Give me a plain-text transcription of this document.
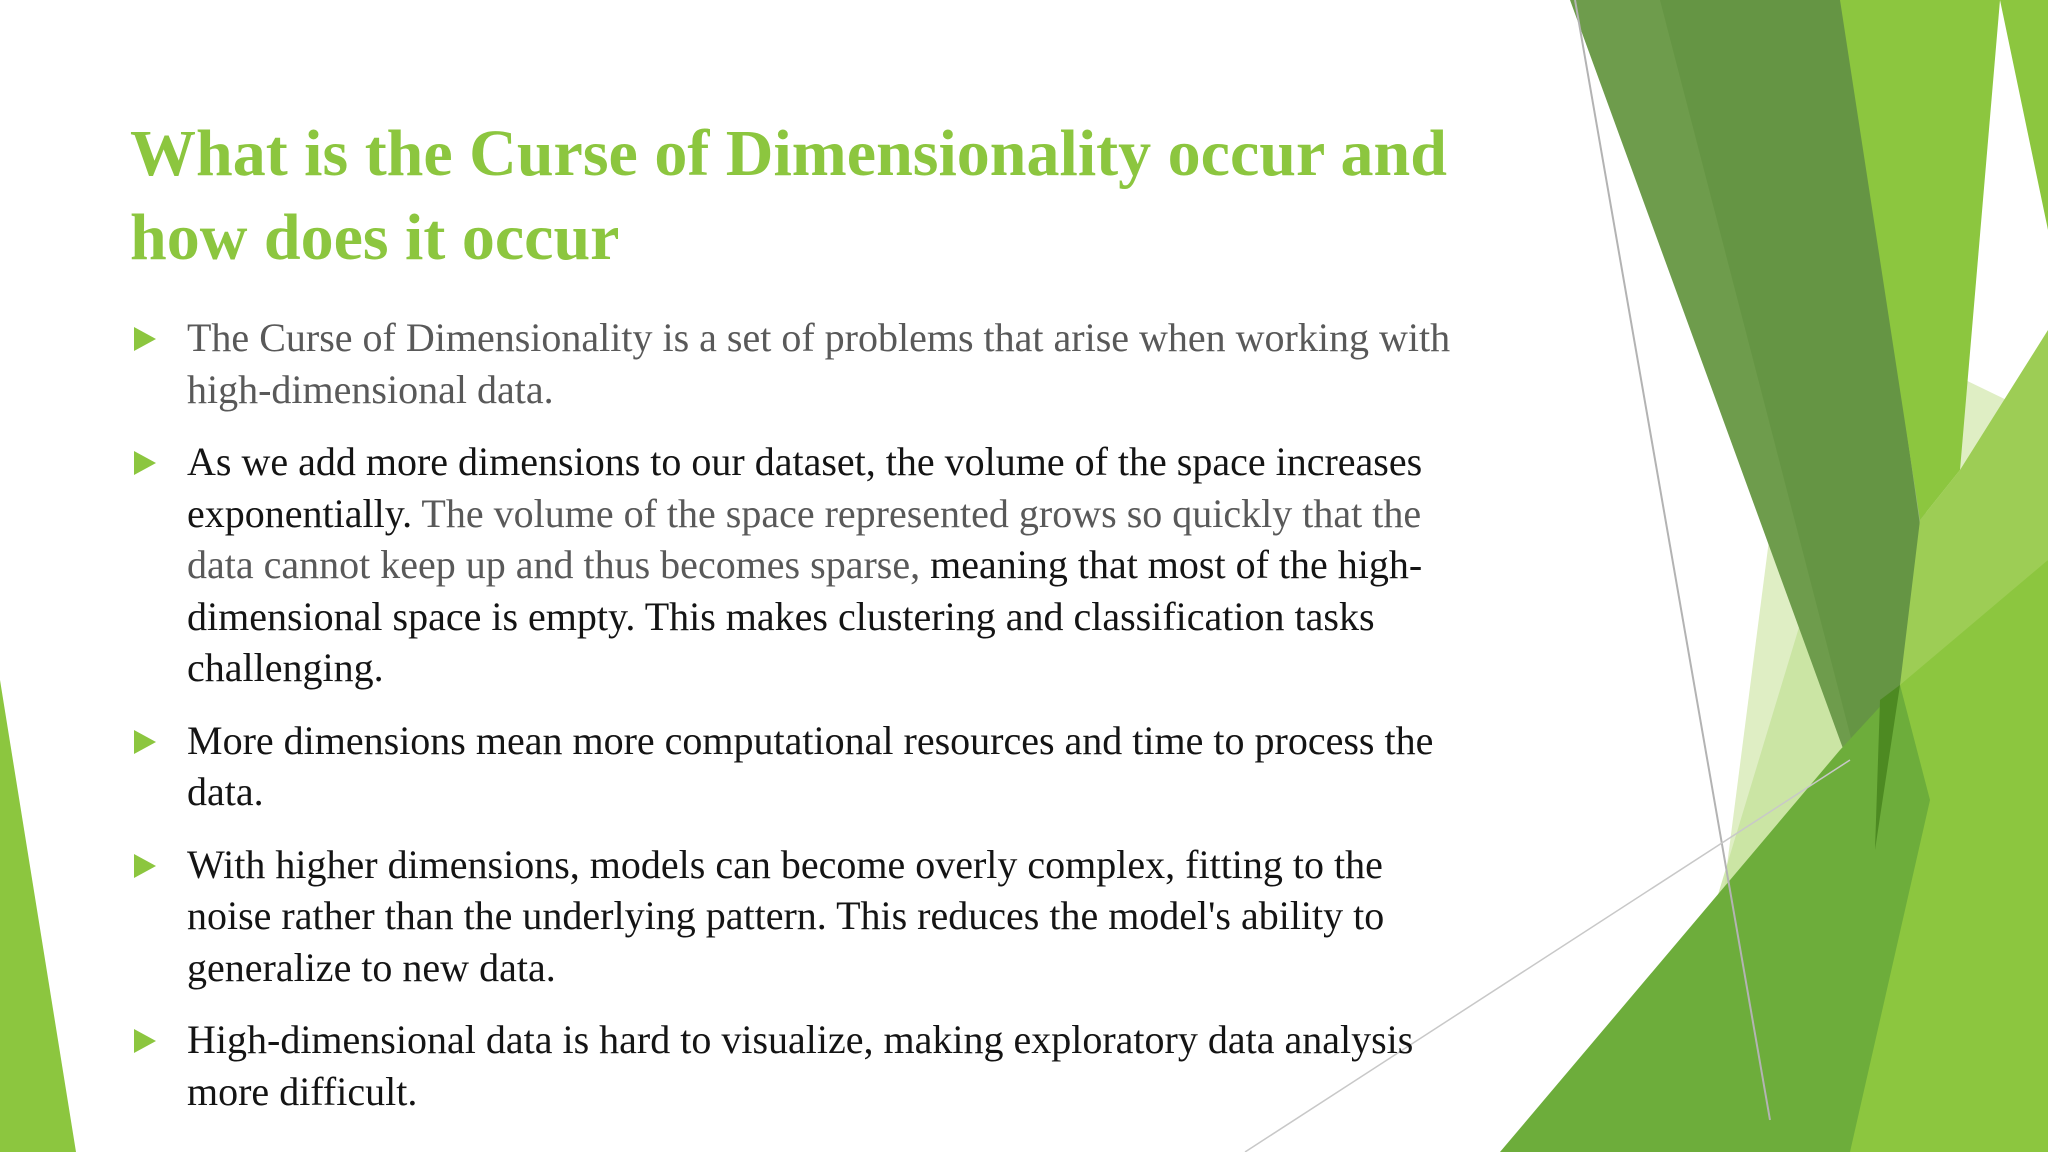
What is the Curse of Dimensionality occur and
how does it occur
The Curse of Dimensionality is a set of problems that arise when working with
high-dimensional data.
As we add more dimensions to our dataset, the volume of the space increases
exponentially. The volume of the space represented grows so quickly that the
data cannot keep up and thus becomes sparse, meaning that most of the high-
dimensional space is empty. This makes clustering and classification tasks
challenging.
More dimensions mean more computational resources and time to process the
data.
With higher dimensions, models can become overly complex, fitting to the
noise rather than the underlying pattern. This reduces the model's ability to
generalize to new data.
High-dimensional data is hard to visualize, making exploratory data analysis
more difficult.
